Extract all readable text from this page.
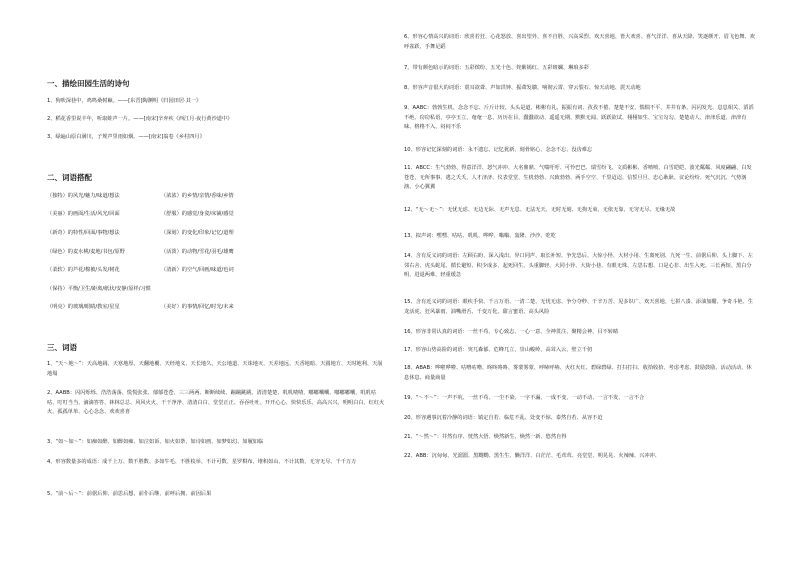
一、描绘田园生活的诗句
1、狗吠深巷中，鸡鸣桑树巅。——[东晋]陶渊明《归园田居·其一》
2、稻花香里说丰年，听取蛙声一片。——[南宋]辛弃疾《西江月·夜行黄沙道中》
3、绿遍山原白满川，子规声里雨如烟。——[南宋]翁卷《乡村四月》
二、词语搭配
（独特）的风光/魅力/味道/想法	（浓浓）的乡情/亲情/香味/乡情
（美丽）的画面/生活/风光/回面	（舒服）的感觉/身姿/床铺/感觉
（新奇）的特性/回面/事物/想法	（深刻）的变化/印象/记忆/道理
（绿色）的麦水桃/麦地/书包/原野	（活泼）的动物/雪花/羽毛/雄鹰
（柔软）的芦花/棉被/头发/树花	（清新）的空气/回画/味道/也词
（保持）平衡/卫生/距离/纸状/安静/原样/习惯
（明亮）的玻璃/眼睛/教室/星星	（美好）的事情/回忆/时光/未来
三、词语
1、“天～地～”：天高地阔、天寒地厚、天翻地覆、天经地义、天长地久、天公地道、天诛地灭、天差地远、天香地暗、天圆地方、天时地利、天崩地塌
2、AABB：闪闪烁烁、浩浩荡荡、慌慌张张、郁郁苍苍、三三两两、断断续续、蹦蹦跳跳、清清楚楚、叽叽喳喳、嘟嘟囔囔、嘟嘟嘟囔、叽叽咕咕、叮叮当当、滴滴答答、林林总总、风风火火、干干净净、清清白白、堂堂正正、吞吞吐吐、开开心心、快快乐乐、高高兴兴、明明白白、红红火火、孤孤单单、心心念念、欢欢喜喜
3、“如～如～”：如痴如醉、如醉如痴、如泣如诉、如火如荼、如诗如画、如梦如幻、如履如临
4、形容数量多的成语：成千上万、数不胜数、多如牛毛、不胜枚举、不计可数、星罗棋布、堆积如山、不计其数、无穷无尽、千千万万
5、“前～后～”：前倨后仰、前思后想、前仆后继、前呼后拥、前因后果
6、形容心情高兴的词语：欣喜若狂、心花怒放、喜出望外、喜不自胜、兴高采烈、欢天喜地、皆大欢喜、喜气洋洋、喜从天降、笑逐颜开、眉飞色舞、欢呼雀跃、手舞足蹈
7、带有颜色暗示的词语：五彩缤纷、五光十色、姹紫嫣红、五彩斑斓、琳琅多彩
8、形容声音很大的词语：震耳欲聋、声如洪钟、振聋发聩、响彻云霄、穿云裂石、惊天动地、震天动地
9、AABC：勃勃生机、念念不忘、斤斤计较、头头是道、彬彬有礼、振振有词、孜孜不倦、楚楚不安、惴惴不平、井井有条、闪闪发光、息息相关、滔滔不绝、窃窃私语、亭亭玉立、奄奄一息、历历在目、蠢蠢欲动、遥遥无期、默默无闻、跃跃欲试、栩栩如生、宝宝勾勾、楚楚动人、津津乐道、津津有味、格格不入、闷闷不乐
10、形容记忆深刻的词语：永不遗忘、记忆犹新、刻骨铭心、念念不忘、没齿难忘
11、ABCC：生气勃勃、得意洋洋、怒气冲冲、大名鼎鼎、气喘吁吁、可怜巴巴、瑞雪纷飞、文质彬彬、香喷喷、白雪皑皑、波光粼粼、风度翩翩、白发苍苍、无所事事、逃之夭夭、人才济济、仪表堂堂、生机勃勃、兴致勃勃、两手空空、千里迢迢、信誓旦旦、忠心耿耿、议论纷纷、死气沉沉、气势汹汹、小心翼翼
12、“无～无～”：无忧无虑、无边无际、无声无息、无法无天、无时无刻、无拘无束、无依无靠、无穷无尽、无缘无故
13、拟声词：嘿嘿、咕咕、叽叽、哗哗、嗡嗡、轰隆、沙沙、吃吃
14、含有反义词的词语：左顾右盼、深入浅出、异口同声、取长补短、争先恐后、大惊小怪、大材小用、生离死别、九死一生、前倨后仰、头上脚下、左邻右舍、虎头蛇尾、循长避短、积少成多、起死回生、头重脚轻、大同小异、大街小巷、有眼无珠、左思右想、口是心非、出生入死、三长两短、黑白分明、进退两难、轻重缓急
15、含有近义词的词语：眼疾手快、千言万语、一清二楚、无忧无虑、争分夺秒、千辛万苦、见多识广、欢天喜地、七拼八凑、添油加醋、争奇斗艳、生龙活虎、狂风暴雨、油嘴滑舌、千变万化、甜言蜜语、高头风险
16、形容非常认真的词语：一丝不苟、专心致志、一心一意、全神贯注、聚精会神、目不转睛
17、形容山势高险的词语：突兀森郁、危峰兀立、崇山峻岭、高耸入云、壁立千仞
18、ABAB：哗啦哗啦、咕噜咕噜、咚咚咚咚、雾蒙雾蒙、呼哧呼哧、火红火红、碧绿碧绿、打扫打扫、收拾收拾、考虑考虑、鼓励鼓励、活动活动、休息休息、商量商量
19、“～不～”：一声不吭、一丝不苟、一尘不染、一字不漏、一成不变、一动不动、一言不发、一言不合
20、形容遇事沉着冷静的词语：镇定自若、临危不乱、处变不惊、泰然自若、从容不迫
21、“～然～”：井然有序、恍然大悟、焕然新生、焕然一新、悠然自得
22、ABB：沉甸甸、光溜溜、黑黝黝、黑生生、懒洋洋、白茫茫、毛茸茸、亮堂堂、明晃晃、火辣辣、兴冲冲、
